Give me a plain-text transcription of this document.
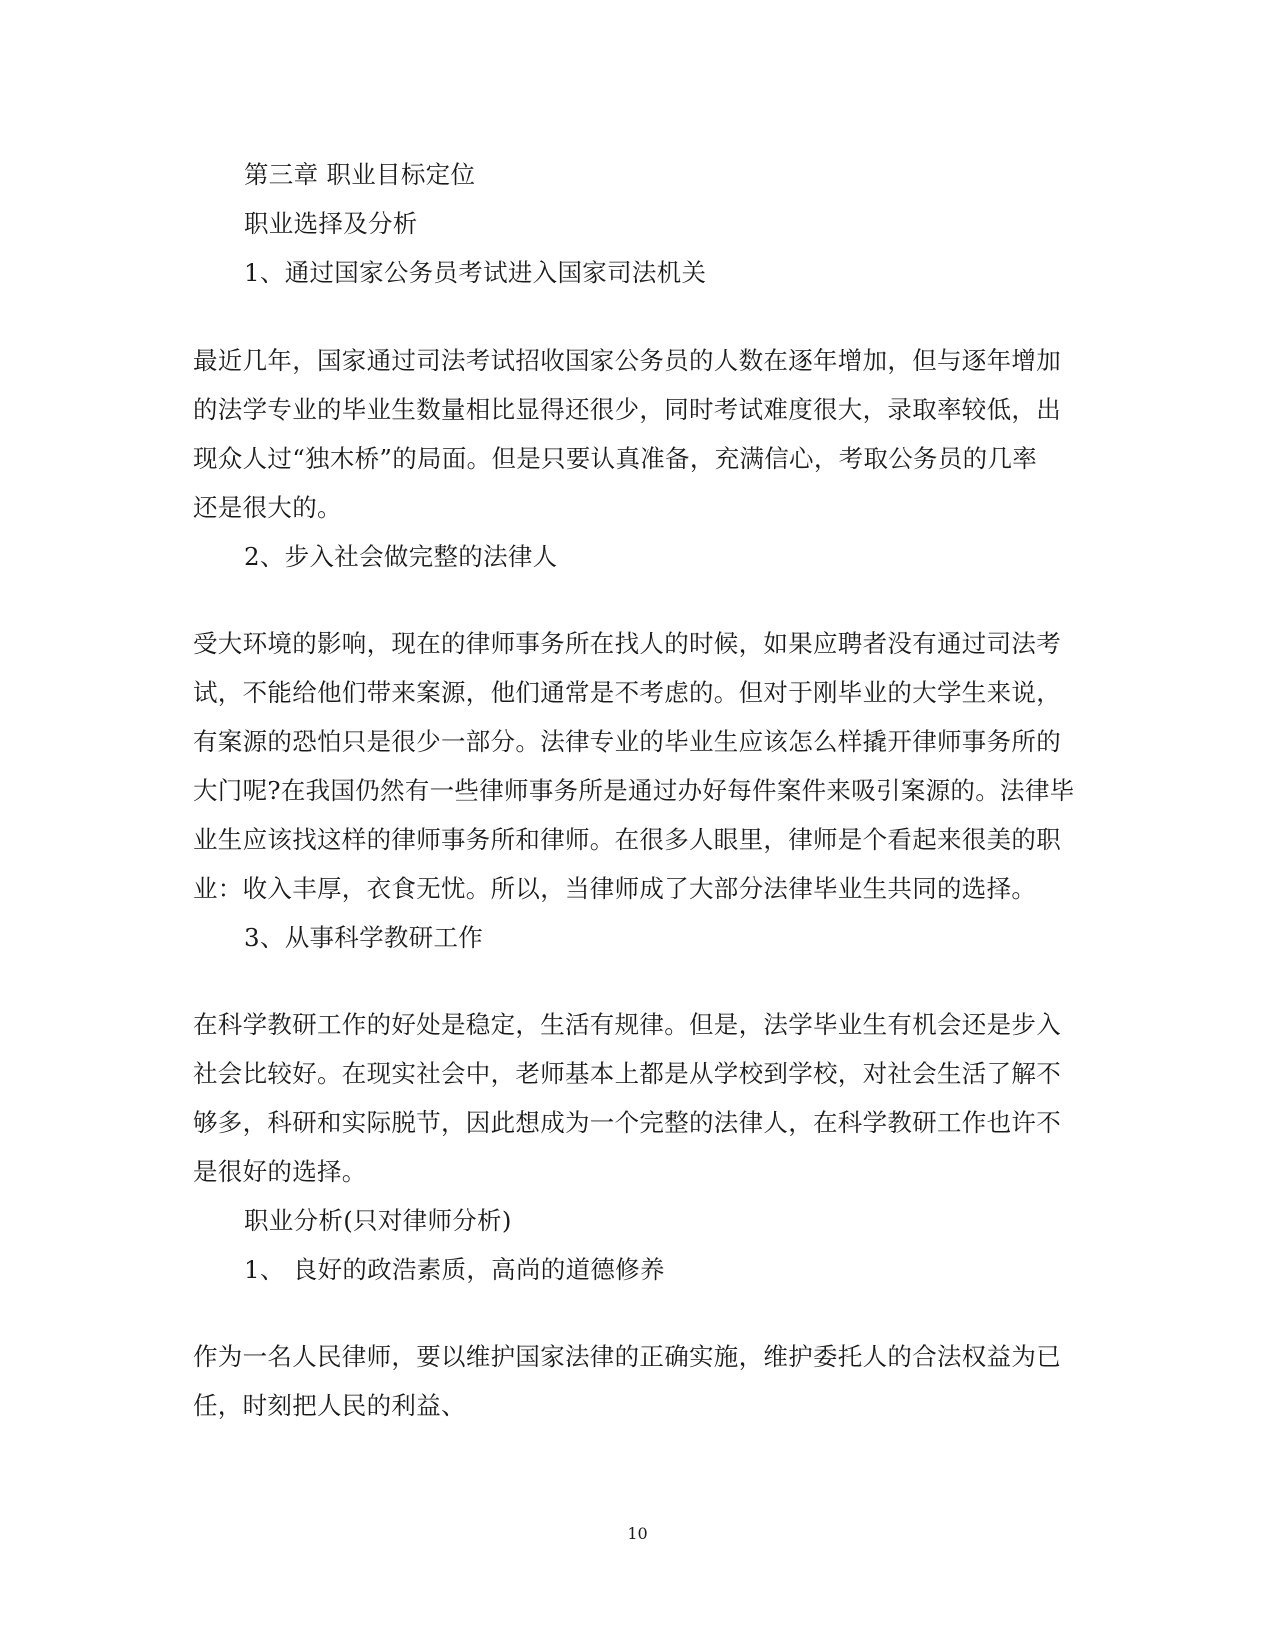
第三章 职业目标定位
职业选择及分析
1、通过国家公务员考试进入国家司法机关
最近几年，国家通过司法考试招收国家公务员的人数在逐年增加，但与逐年增加
的法学专业的毕业生数量相比显得还很少，同时考试难度很大，录取率较低，出
现众人过“独木桥”的局面。但是只要认真准备，充满信心，考取公务员的几率
还是很大的。
2、步入社会做完整的法律人
受大环境的影响，现在的律师事务所在找人的时候，如果应聘者没有通过司法考
试，不能给他们带来案源，他们通常是不考虑的。但对于刚毕业的大学生来说，
有案源的恐怕只是很少一部分。法律专业的毕业生应该怎么样撬开律师事务所的
大门呢?在我国仍然有一些律师事务所是通过办好每件案件来吸引案源的。法律毕
业生应该找这样的律师事务所和律师。在很多人眼里，律师是个看起来很美的职
业：收入丰厚，衣食无忧。所以，当律师成了大部分法律毕业生共同的选择。
3、从事科学教研工作
在科学教研工作的好处是稳定，生活有规律。但是，法学毕业生有机会还是步入
社会比较好。在现实社会中，老师基本上都是从学校到学校，对社会生活了解不
够多，科研和实际脱节，因此想成为一个完整的法律人，在科学教研工作也许不
是很好的选择。
职业分析(只对律师分析)
1、 良好的政浩素质，高尚的道德修养
作为一名人民律师，要以维护国家法律的正确实施，维护委托人的合法权益为已
任，时刻把人民的利益、
10
